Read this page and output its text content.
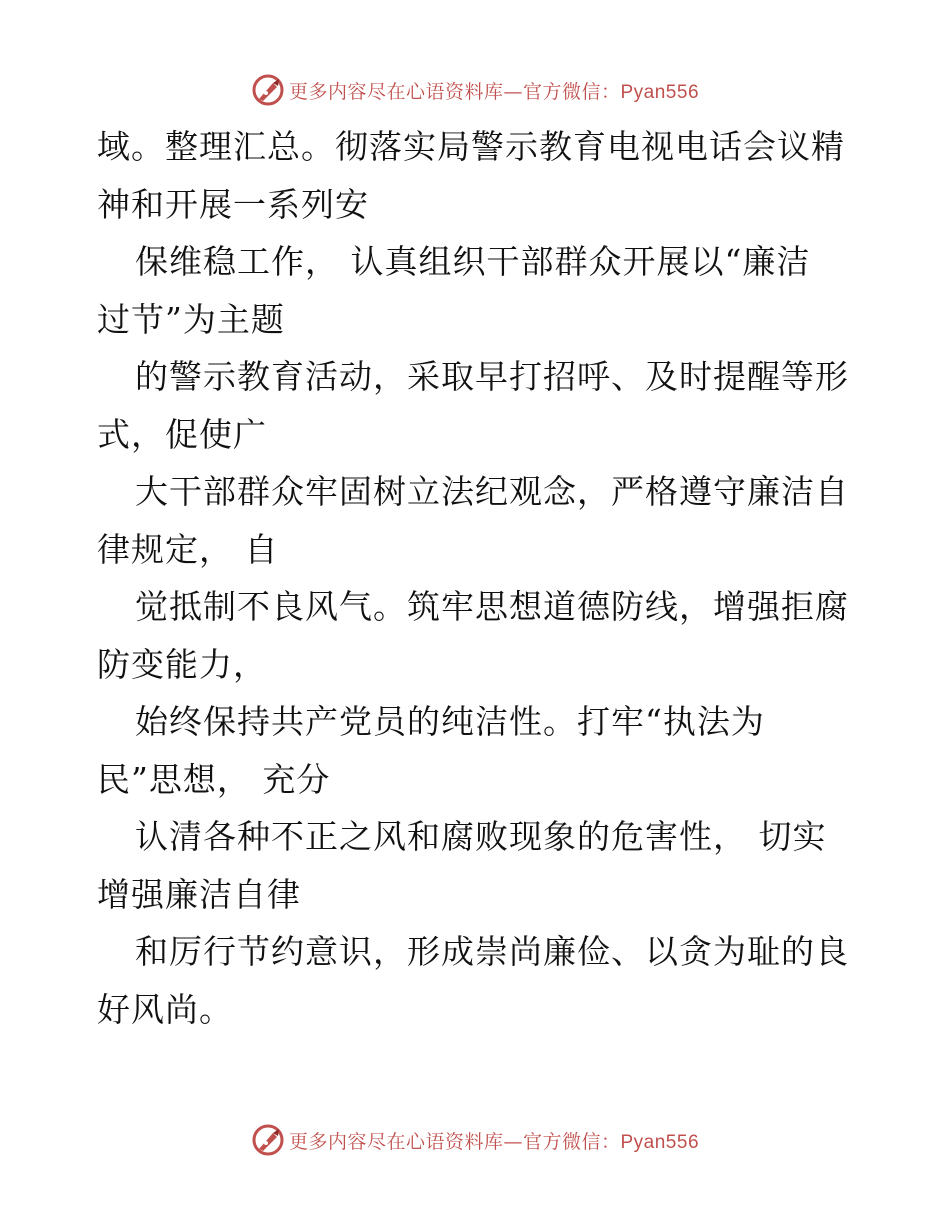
更多内容尽在心语资料库—官方微信：Pyan556
域。整理汇总。彻落实局警示教育电视电话会议精
神和开展一系列安
保维稳工作， 认真组织干部群众开展以“廉洁
过节”为主题
的警示教育活动，采取早打招呼、及时提醒等形
式，促使广
大干部群众牢固树立法纪观念，严格遵守廉洁自
律规定， 自
觉抵制不良风气。筑牢思想道德防线，增强拒腐
防变能力，
始终保持共产党员的纯洁性。打牢“执法为
民”思想， 充分
认清各种不正之风和腐败现象的危害性， 切实
增强廉洁自律
和厉行节约意识，形成崇尚廉俭、以贪为耻的良
好风尚。
更多内容尽在心语资料库—官方微信：Pyan556
